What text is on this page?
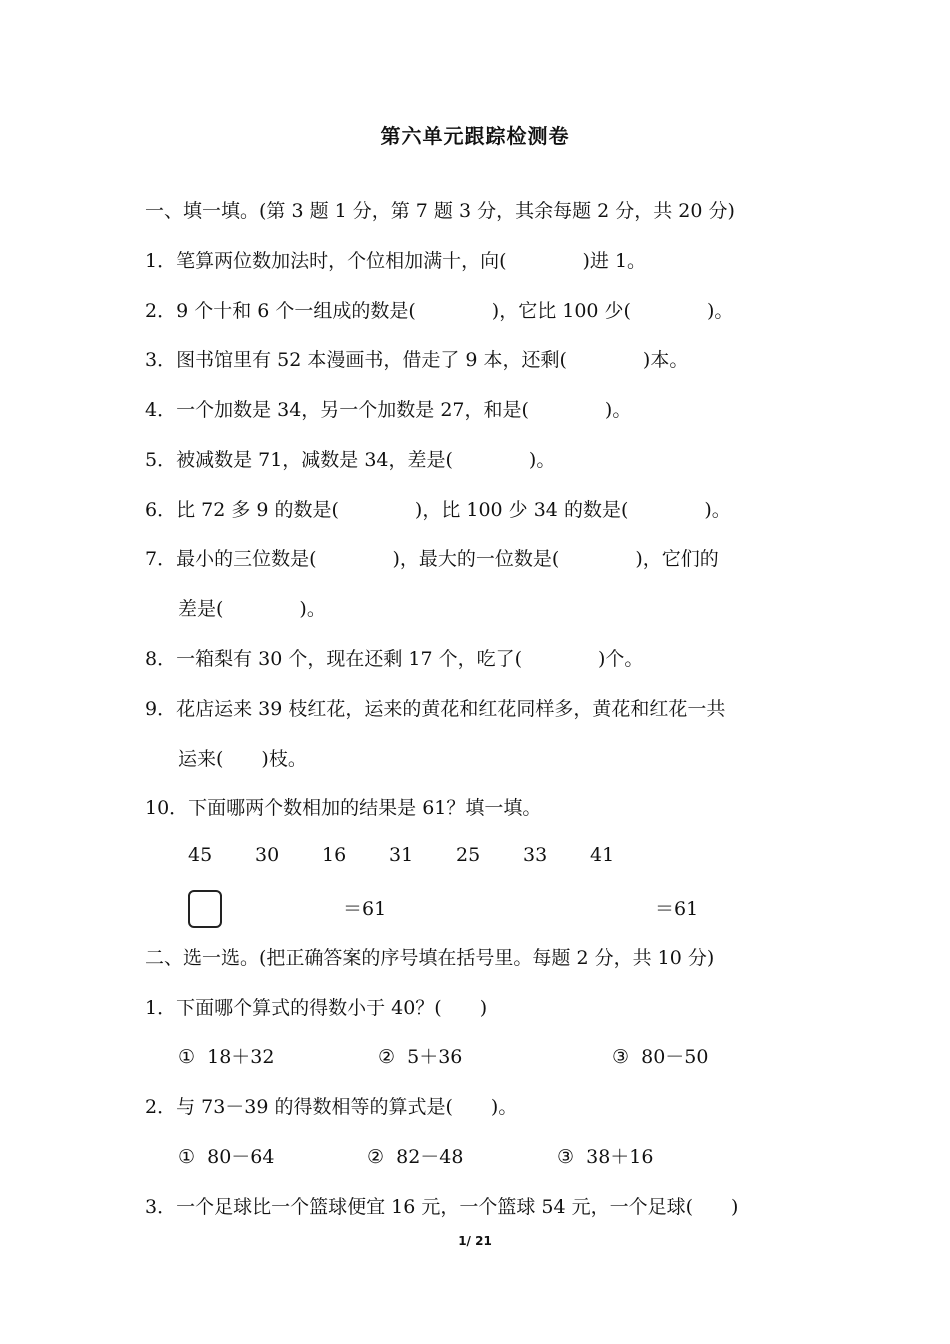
第六单元跟踪检测卷
一、填一填。(第 3 题 1 分，第 7 题 3 分，其余每题 2 分，共 20 分)
1．笔算两位数加法时，个位相加满十，向(　　　　)进 1。
2．9 个十和 6 个一组成的数是(　　　　)，它比 100 少(　　　　)。
3．图书馆里有 52 本漫画书，借走了 9 本，还剩(　　　　)本。
4．一个加数是 34，另一个加数是 27，和是(　　　　)。
5．被减数是 71，减数是 34，差是(　　　　)。
6．比 72 多 9 的数是(　　　　)，比 100 少 34 的数是(　　　　)。
7．最小的三位数是(　　　　)，最大的一位数是(　　　　)，它们的
差是(　　　　)。
8．一箱梨有 30 个，现在还剩 17 个，吃了(　　　　)个。
9．花店运来 39 枝红花，运来的黄花和红花同样多，黄花和红花一共
运来(　　)枝。
10．下面哪两个数相加的结果是 61？填一填。
45 30 16 31 25 33 41
＝61	＝61
二、选一选。(把正确答案的序号填在括号里。每题 2 分，共 10 分)
1．下面哪个算式的得数小于 40？(　　)
①  18＋32	②  5＋36	③  80－50
2．与 73－39 的得数相等的算式是(　　)。
①  80－64	②  82－48	③  38＋16
3．一个足球比一个篮球便宜 16 元，一个篮球 54 元，一个足球(　　)
1/ 21
